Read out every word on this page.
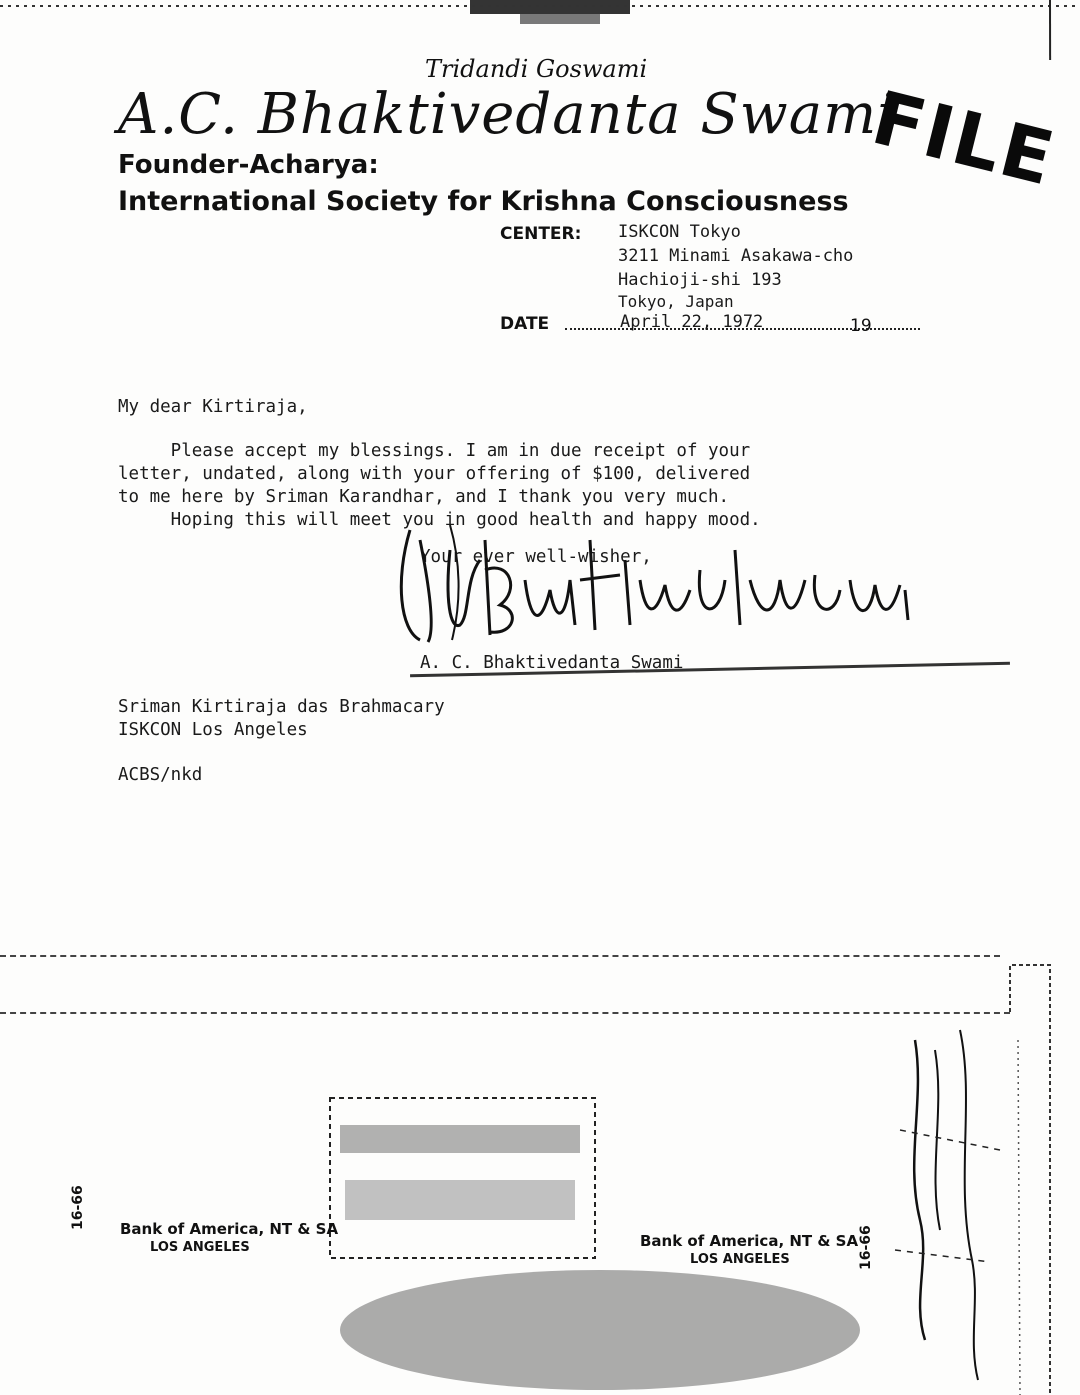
Tridandi Goswami
A.C. Bhaktivedanta Swami
FILE
Founder-Acharya:
International Society for Krishna Consciousness
CENTER: ISKCON Tokyo
3211 Minami Asakawa-cho
Hachioji-shi 193
Tokyo, Japan
DATE	April 22, 1972	19
My dear Kirtiraja,
Please accept my blessings. I am in due receipt of your
letter, undated, along with your offering of $100, delivered
to me here by Sriman Karandhar, and I thank you very much.
Hoping this will meet you in good health and happy mood.
Your ever well-wisher,
A. C. Bhaktivedanta Swami
Sriman Kirtiraja das Brahmacary
ISKCON Los Angeles
ACBS/nkd
Bank of America, NT & SA
LOS ANGELES
16-66
Bank of America, NT & SA
LOS ANGELES	16-66
